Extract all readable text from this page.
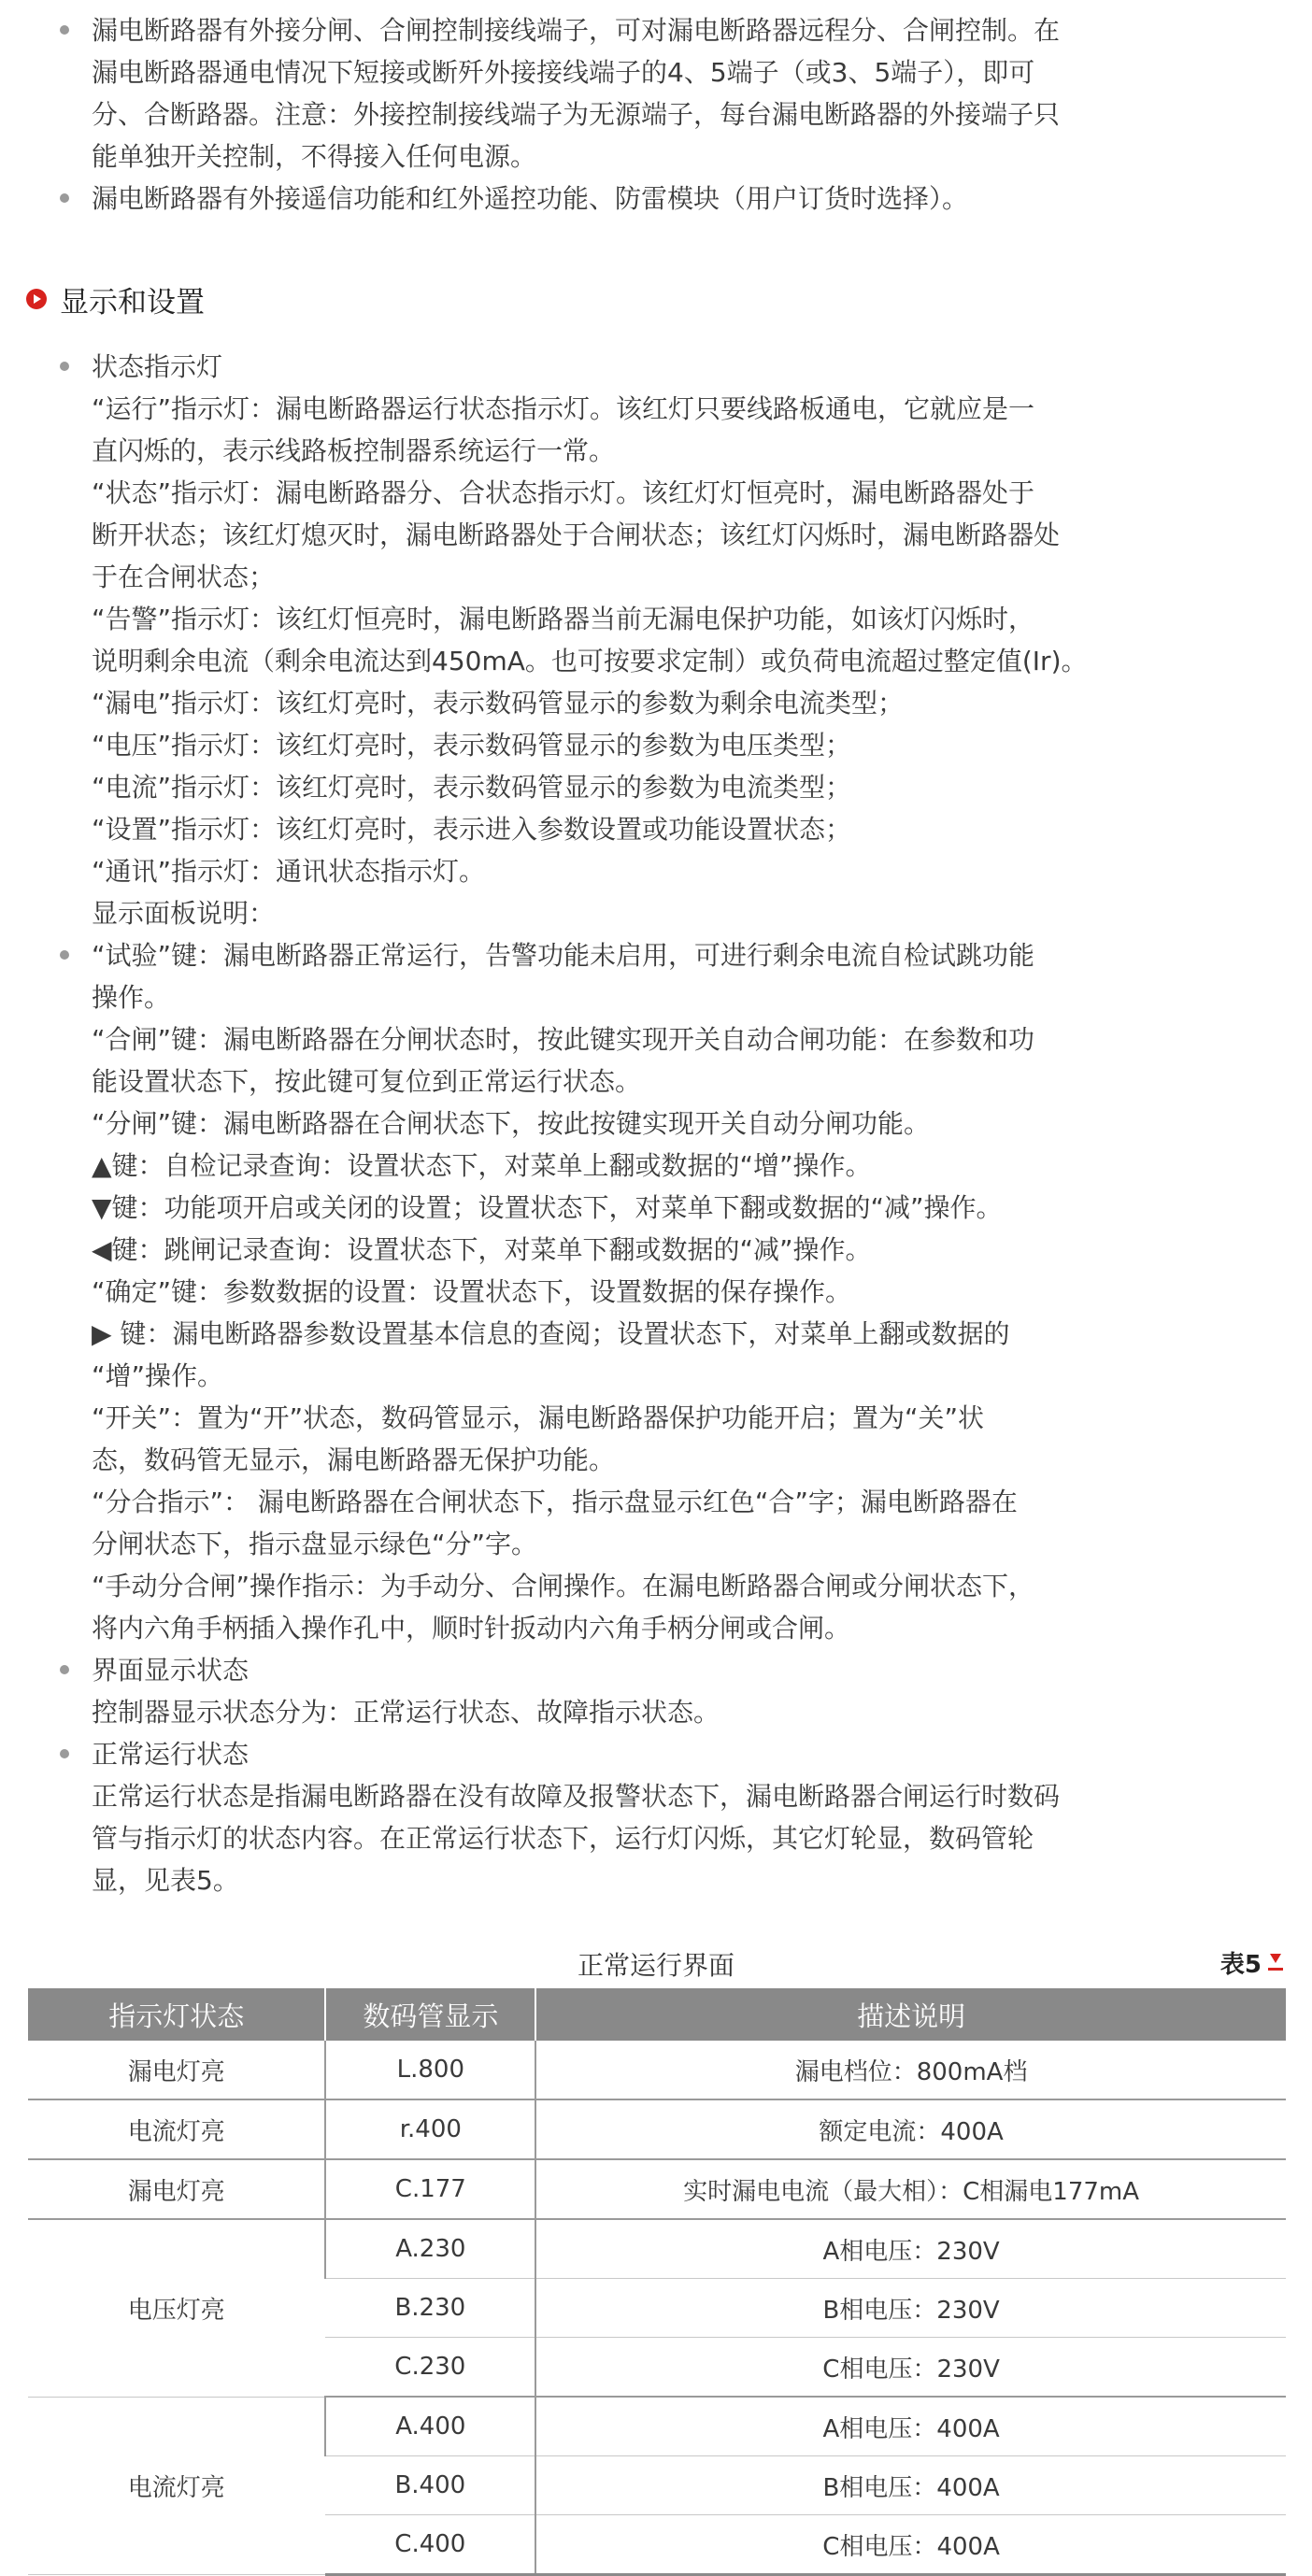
漏电断路器有外接分闸、合闸控制接线端子，可对漏电断路器远程分、合闸控制。在
漏电断路器通电情况下短接或断歼外接接线端子的4、5端子（或3、5端子），即可
分、合断路器。注意：外接控制接线端子为无源端子，每台漏电断路器的外接端子只
能单独开关控制，不得接入任何电源。

漏电断路器有外接遥信功能和红外遥控功能、防雷模块（用户订货时选择）。

显示和设置

状态指示灯
“运行”指示灯：漏电断路器运行状态指示灯。该红灯只要线路板通电，它就应是一
直闪烁的，表示线路板控制器系统运行一常。
“状态”指示灯：漏电断路器分、合状态指示灯。该红灯灯恒亮时，漏电断路器处于
断开状态；该红灯熄灭时，漏电断路器处于合闸状态；该红灯闪烁时，漏电断路器处
于在合闸状态；
“告警”指示灯：该红灯恒亮时，漏电断路器当前无漏电保护功能，如该灯闪烁时，
说明剩余电流（剩余电流达到450mA。也可按要求定制）或负荷电流超过整定值(Ir)。
“漏电”指示灯：该红灯亮时，表示数码管显示的参数为剩余电流类型；
“电压”指示灯：该红灯亮时，表示数码管显示的参数为电压类型；
“电流”指示灯：该红灯亮时，表示数码管显示的参数为电流类型；
“设置”指示灯：该红灯亮时，表示进入参数设置或功能设置状态；
“通讯”指示灯：通讯状态指示灯。
显示面板说明：

“试验”键：漏电断路器正常运行，告警功能未启用，可进行剩余电流自检试跳功能
操作。
“合闸”键：漏电断路器在分闸状态时，按此键实现开关自动合闸功能：在参数和功
能设置状态下，按此键可复位到正常运行状态。
“分闸”键：漏电断路器在合闸状态下，按此按键实现开关自动分闸功能。
▲键：自检记录查询：设置状态下，对菜单上翻或数据的“增”操作。
▼键：功能项开启或关闭的设置；设置状态下，对菜单下翻或数据的“减”操作。
◀键：跳闸记录查询：设置状态下，对菜单下翻或数据的“减”操作。
“确定”键：参数数据的设置：设置状态下，设置数据的保存操作。
▶ 键：漏电断路器参数设置基本信息的查阅；设置状态下，对菜单上翻或数据的
“增”操作。
“开关”：置为“开”状态，数码管显示，漏电断路器保护功能开启；置为“关”状
态，数码管无显示，漏电断路器无保护功能。
“分合指示”： 漏电断路器在合闸状态下，指示盘显示红色“合”字；漏电断路器在
分闸状态下，指示盘显示绿色“分”字。
“手动分合闸”操作指示：为手动分、合闸操作。在漏电断路器合闸或分闸状态下，
将内六角手柄插入操作孔中，顺时针扳动内六角手柄分闸或合闸。

界面显示状态
控制器显示状态分为：正常运行状态、故障指示状态。

正常运行状态
正常运行状态是指漏电断路器在没有故障及报警状态下，漏电断路器合闸运行时数码
管与指示灯的状态内容。在正常运行状态下，运行灯闪烁，其它灯轮显，数码管轮
显，见表5。

正常运行界面	表5
指示灯状态	数码管显示	描述说明
漏电灯亮	L.800	漏电档位：800mA档
电流灯亮	r.400	额定电流：400A
漏电灯亮	C.177	实时漏电电流（最大相）：C相漏电177mA
电压灯亮	A.230	A相电压：230V
	B.230	B相电压：230V
	C.230	C相电压：230V
电流灯亮	A.400	A相电压：400A
	B.400	B相电压：400A
	C.400	C相电压：400A
